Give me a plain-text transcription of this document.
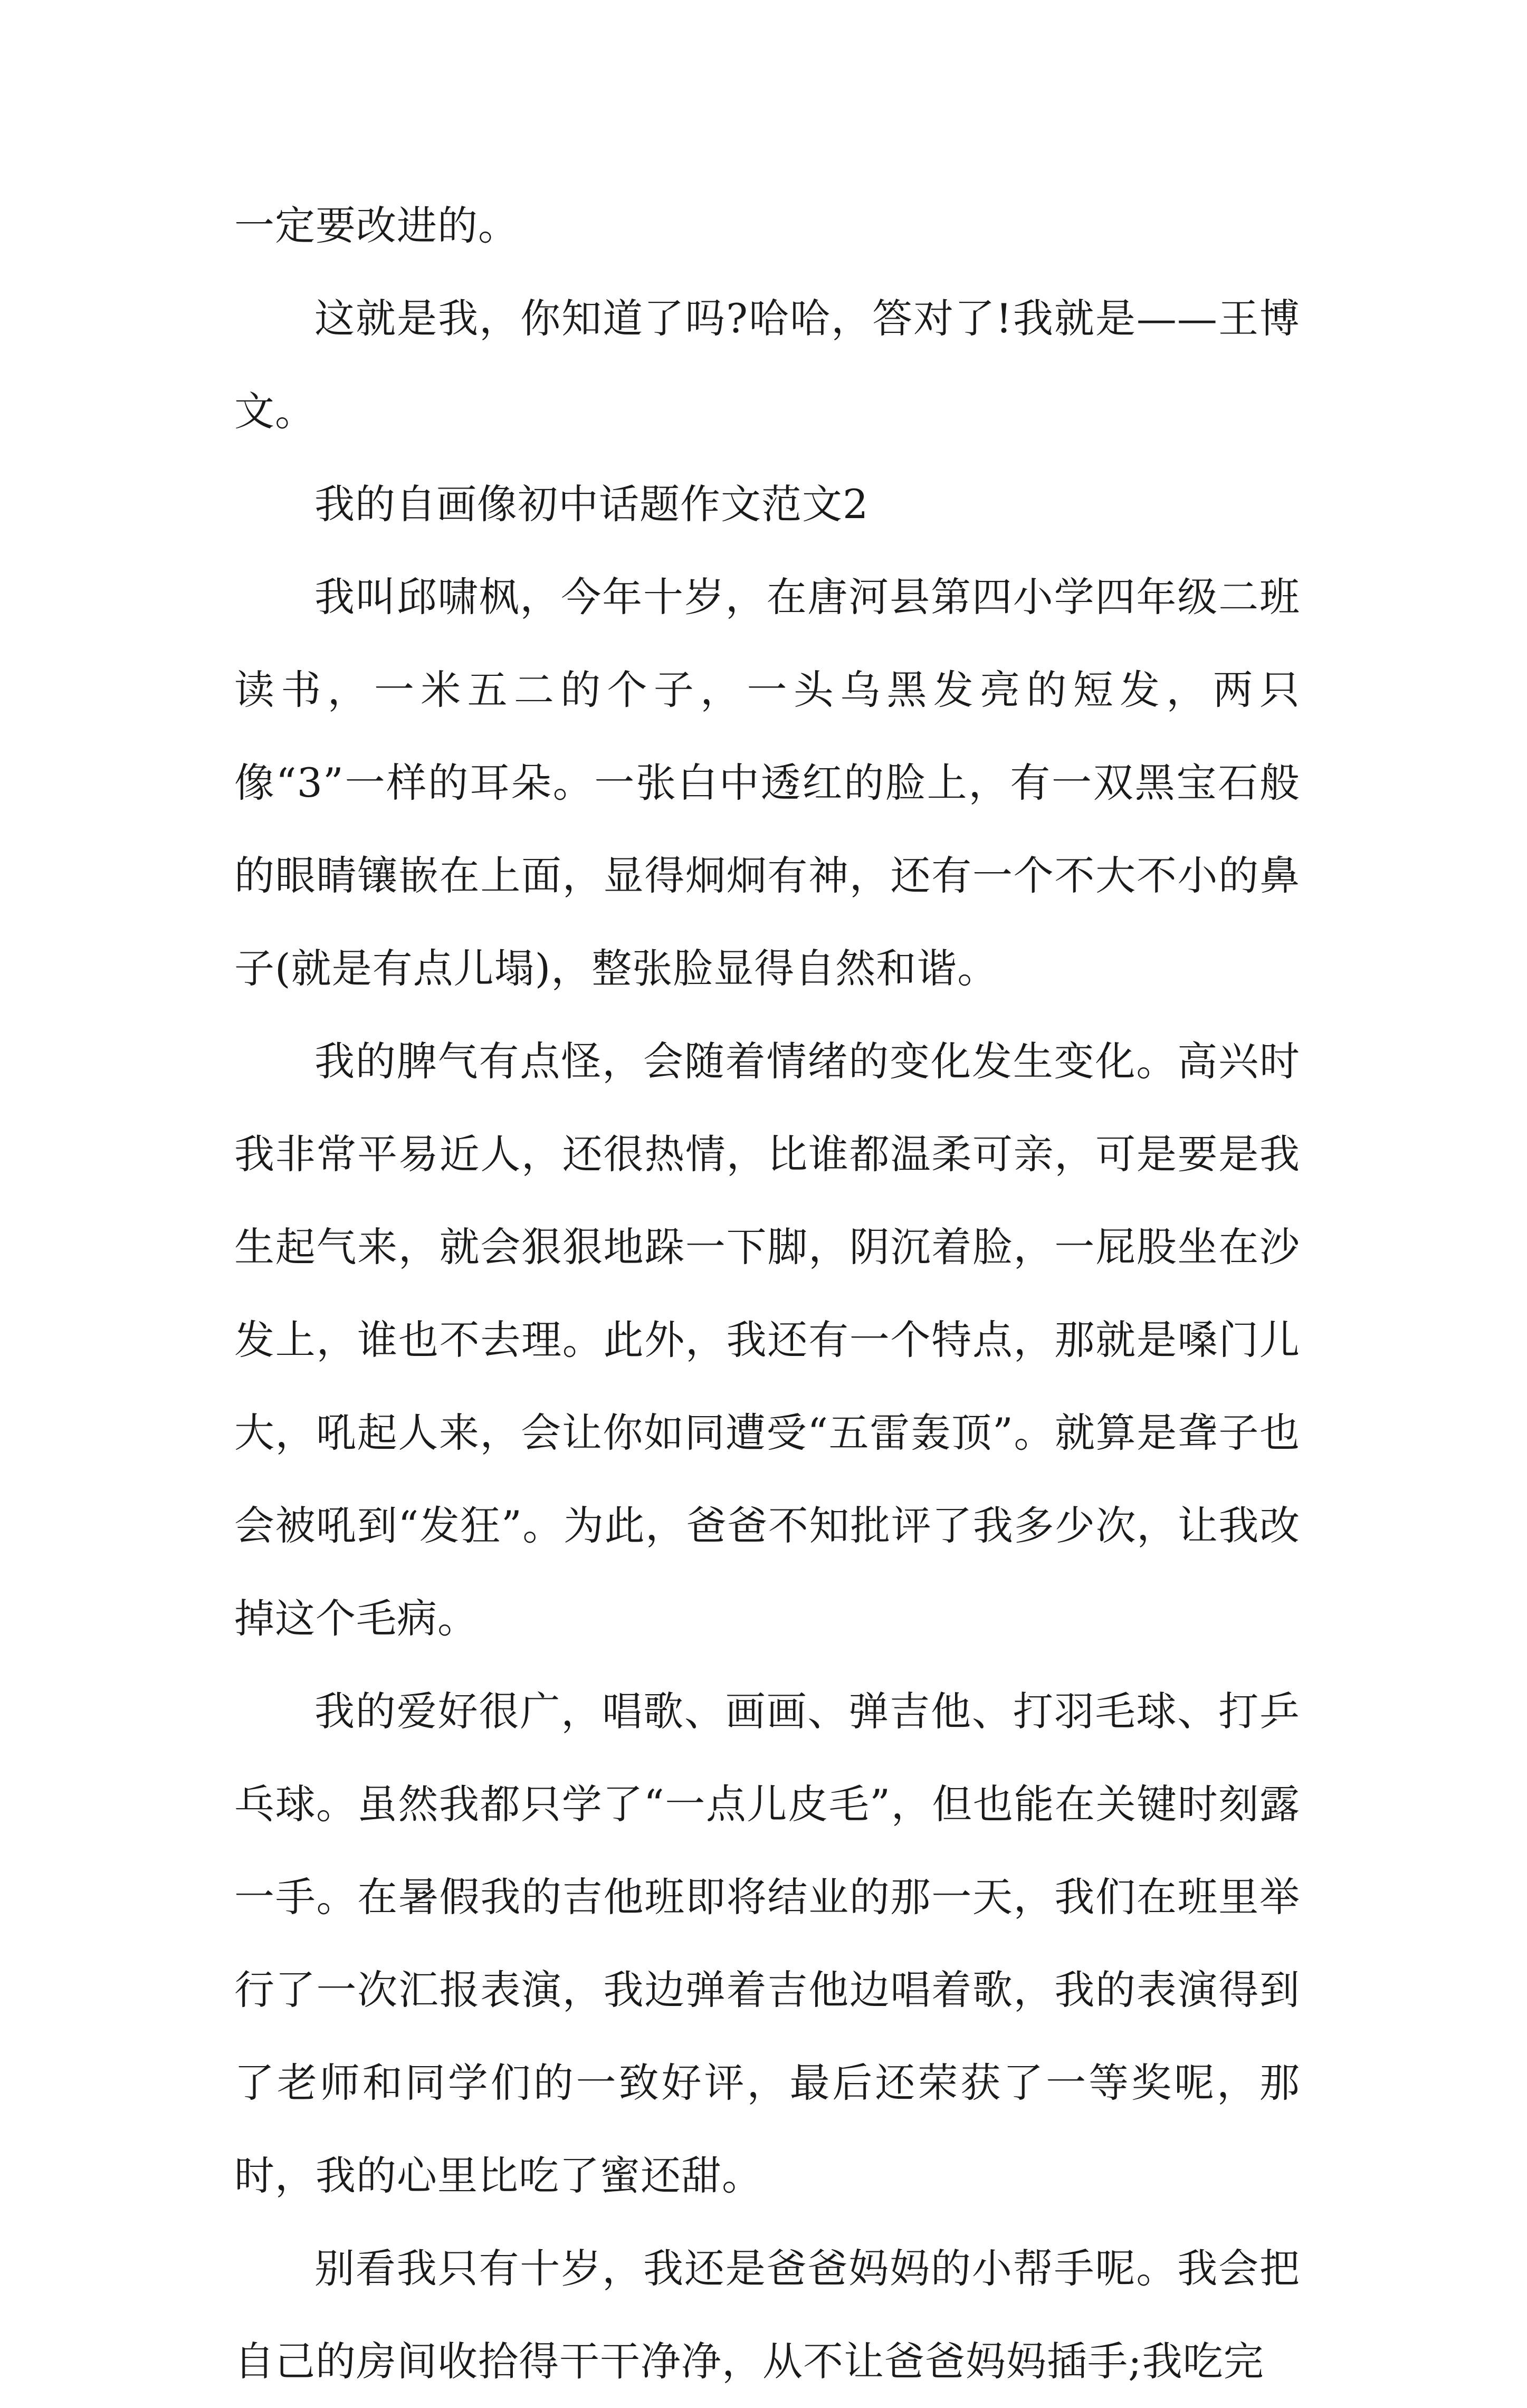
一定要改进的。

这就是我，你知道了吗?哈哈，答对了!我就是——王博文。

我的自画像初中话题作文范文2

我叫邱啸枫，今年十岁，在唐河县第四小学四年级二班读书，一米五二的个子，一头乌黑发亮的短发，两只像“3”一样的耳朵。一张白中透红的脸上，有一双黑宝石般的眼睛镶嵌在上面，显得炯炯有神，还有一个不大不小的鼻子(就是有点儿塌)，整张脸显得自然和谐。

我的脾气有点怪，会随着情绪的变化发生变化。高兴时我非常平易近人，还很热情，比谁都温柔可亲，可是要是我生起气来，就会狠狠地跺一下脚，阴沉着脸，一屁股坐在沙发上，谁也不去理。此外，我还有一个特点，那就是嗓门儿大，吼起人来，会让你如同遭受“五雷轰顶”。就算是聋子也会被吼到“发狂”。为此，爸爸不知批评了我多少次，让我改掉这个毛病。

我的爱好很广，唱歌、画画、弹吉他、打羽毛球、打乒乓球。虽然我都只学了“一点儿皮毛”，但也能在关键时刻露一手。在暑假我的吉他班即将结业的那一天，我们在班里举行了一次汇报表演，我边弹着吉他边唱着歌，我的表演得到了老师和同学们的一致好评，最后还荣获了一等奖呢，那时，我的心里比吃了蜜还甜。

别看我只有十岁，我还是爸爸妈妈的小帮手呢。我会把自己的房间收拾得干干净净，从不让爸爸妈妈插手;我吃完
